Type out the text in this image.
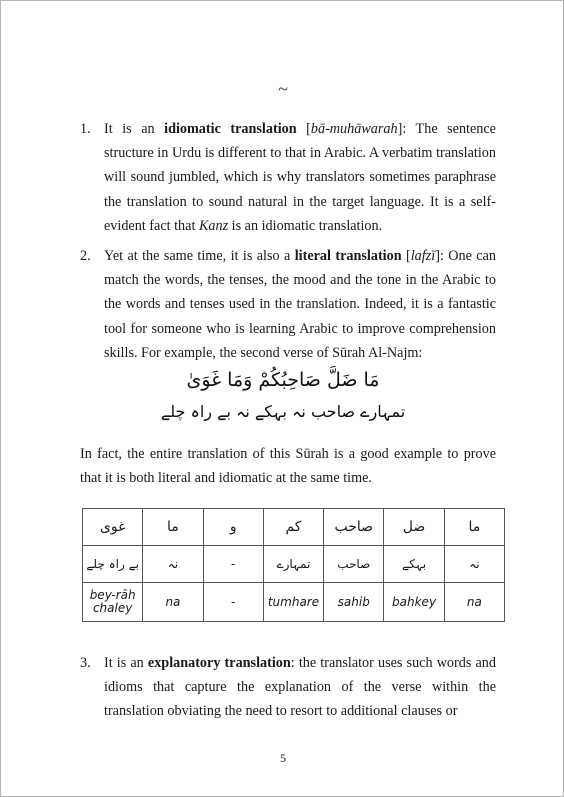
~
1. It is an idiomatic translation [bā-muhāwarah]: The sentence structure in Urdu is different to that in Arabic. A verbatim translation will sound jumbled, which is why translators sometimes paraphrase the translation to sound natural in the target language. It is a self-evident fact that Kanz is an idiomatic translation.

2. Yet at the same time, it is also a literal translation [lafzī]: One can match the words, the tenses, the mood and the tone in the Arabic to the words and tenses used in the translation. Indeed, it is a fantastic tool for someone who is learning Arabic to improve comprehension skills. For example, the second verse of Sūrah Al-Najm:

مَا ضَلَّ صَاحِبُكُمْ وَمَا غَوَىٰ
تمہارے صاحب نہ بہکے نہ بے راہ چلے

In fact, the entire translation of this Sūrah is a good example to prove that it is both literal and idiomatic at the same time.

غوى	ما	و	كم	صاحب	ضل	ما
بے راہ چلے	نہ	-	تمہارے	صاحب	بہکے	نہ
bey-rāh chaley	na	-	tumhare	sahib	bahkey	na
3. It is an explanatory translation: the translator uses such words and idioms that capture the explanation of the verse within the translation obviating the need to resort to additional clauses or

5
